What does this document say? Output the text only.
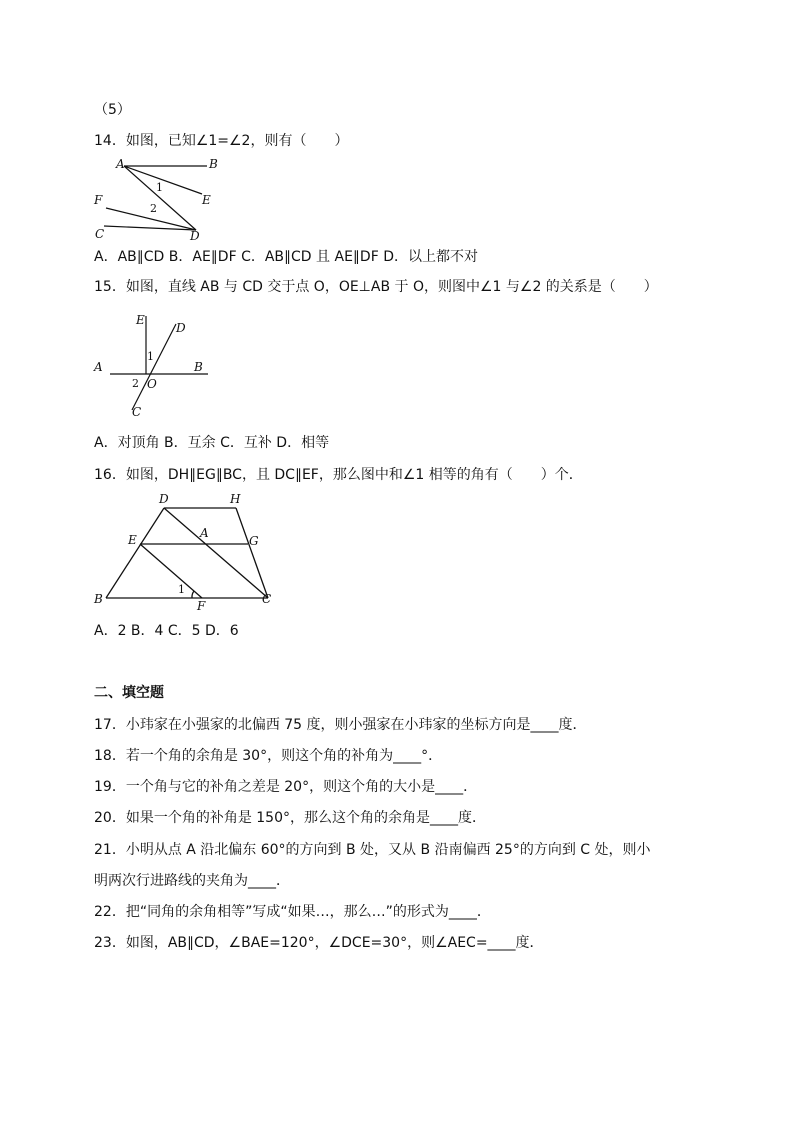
（5）
14．如图，已知∠1=∠2，则有（　　）
A	B
E
F
C	D
1
2
A．AB∥CD B．AE∥DF C．AB∥CD 且 AE∥DF D．以上都不对
15．如图，直线 AB 与 CD 交于点 O，OE⊥AB 于 O，则图中∠1 与∠2 的关系是（　　）
E
D
A	B
O
C
1
2
A．对顶角 B．互余 C．互补 D．相等
16．如图，DH∥EG∥BC，且 DC∥EF，那么图中和∠1 相等的角有（　　）个．
D	H
E	A
G
B	F	C
1
A．2 B．4 C．5 D．6
二、填空题
17．小玮家在小强家的北偏西 75 度，则小强家在小玮家的坐标方向是____度．
18．若一个角的余角是 30°，则这个角的补角为____°．
19．一个角与它的补角之差是 20°，则这个角的大小是____．
20．如果一个角的补角是 150°，那么这个角的余角是____度．
21．小明从点 A 沿北偏东 60°的方向到 B 处，又从 B 沿南偏西 25°的方向到 C 处，则小
明两次行进路线的夹角为____．
22．把“同角的余角相等”写成“如果…，那么…”的形式为____．
23．如图，AB∥CD，∠BAE=120°，∠DCE=30°，则∠AEC=____度．
